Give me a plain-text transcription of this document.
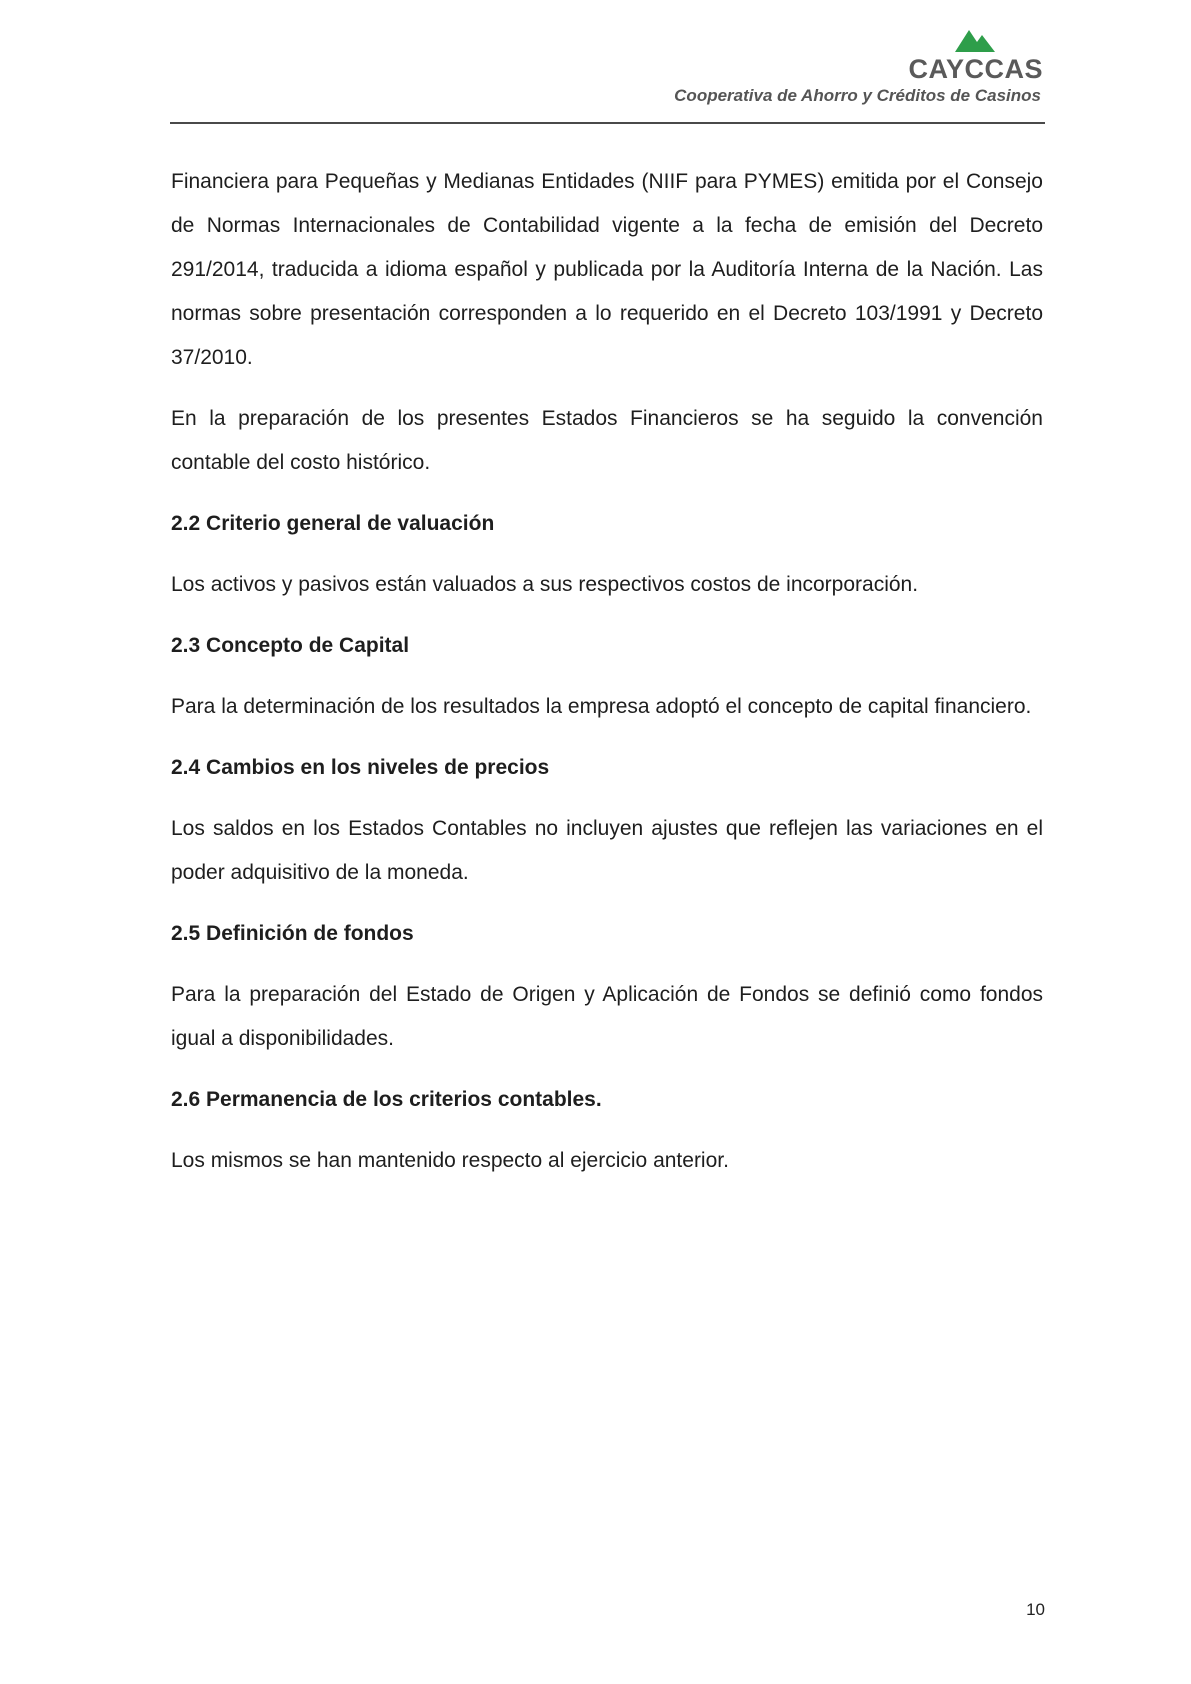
CAYCCAS
Cooperativa de Ahorro y Créditos de Casinos

Financiera para Pequeñas y Medianas Entidades (NIIF para PYMES) emitida por el Consejo de Normas Internacionales de Contabilidad vigente a la fecha de emisión del Decreto 291/2014, traducida a idioma español y publicada por la Auditoría Interna de la Nación. Las normas sobre presentación corresponden a lo requerido en el Decreto 103/1991 y Decreto 37/2010.

En la preparación de los presentes Estados Financieros se ha seguido la convención contable del costo histórico.

2.2 Criterio general de valuación

Los activos y pasivos están valuados a sus respectivos costos de incorporación.

2.3 Concepto de Capital

Para la determinación de los resultados la empresa adoptó el concepto de capital financiero.

2.4 Cambios en los niveles de precios

Los saldos en los Estados Contables no incluyen ajustes que reflejen las variaciones en el poder adquisitivo de la moneda.

2.5 Definición de fondos

Para la preparación del Estado de Origen y Aplicación de Fondos se definió como fondos igual a disponibilidades.

2.6 Permanencia de los criterios contables.

Los mismos se han mantenido respecto al ejercicio anterior.

10
